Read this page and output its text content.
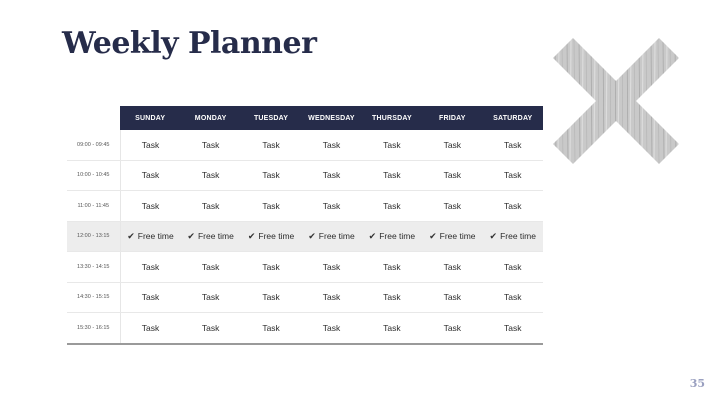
Weekly Planner
	SUNDAY	MONDAY	TUESDAY	WEDNESDAY	THURSDAY	FRIDAY	SATURDAY
09:00 - 09:45	Task	Task	Task	Task	Task	Task	Task
10:00 - 10:45	Task	Task	Task	Task	Task	Task	Task
11:00 - 11:45	Task	Task	Task	Task	Task	Task	Task
12:00 - 13:15	✔ Free time	✔ Free time	✔ Free time	✔ Free time	✔ Free time	✔ Free time	✔ Free time
13:30 - 14:15	Task	Task	Task	Task	Task	Task	Task
14:30 - 15:15	Task	Task	Task	Task	Task	Task	Task
15:30 - 16:15	Task	Task	Task	Task	Task	Task	Task
35
